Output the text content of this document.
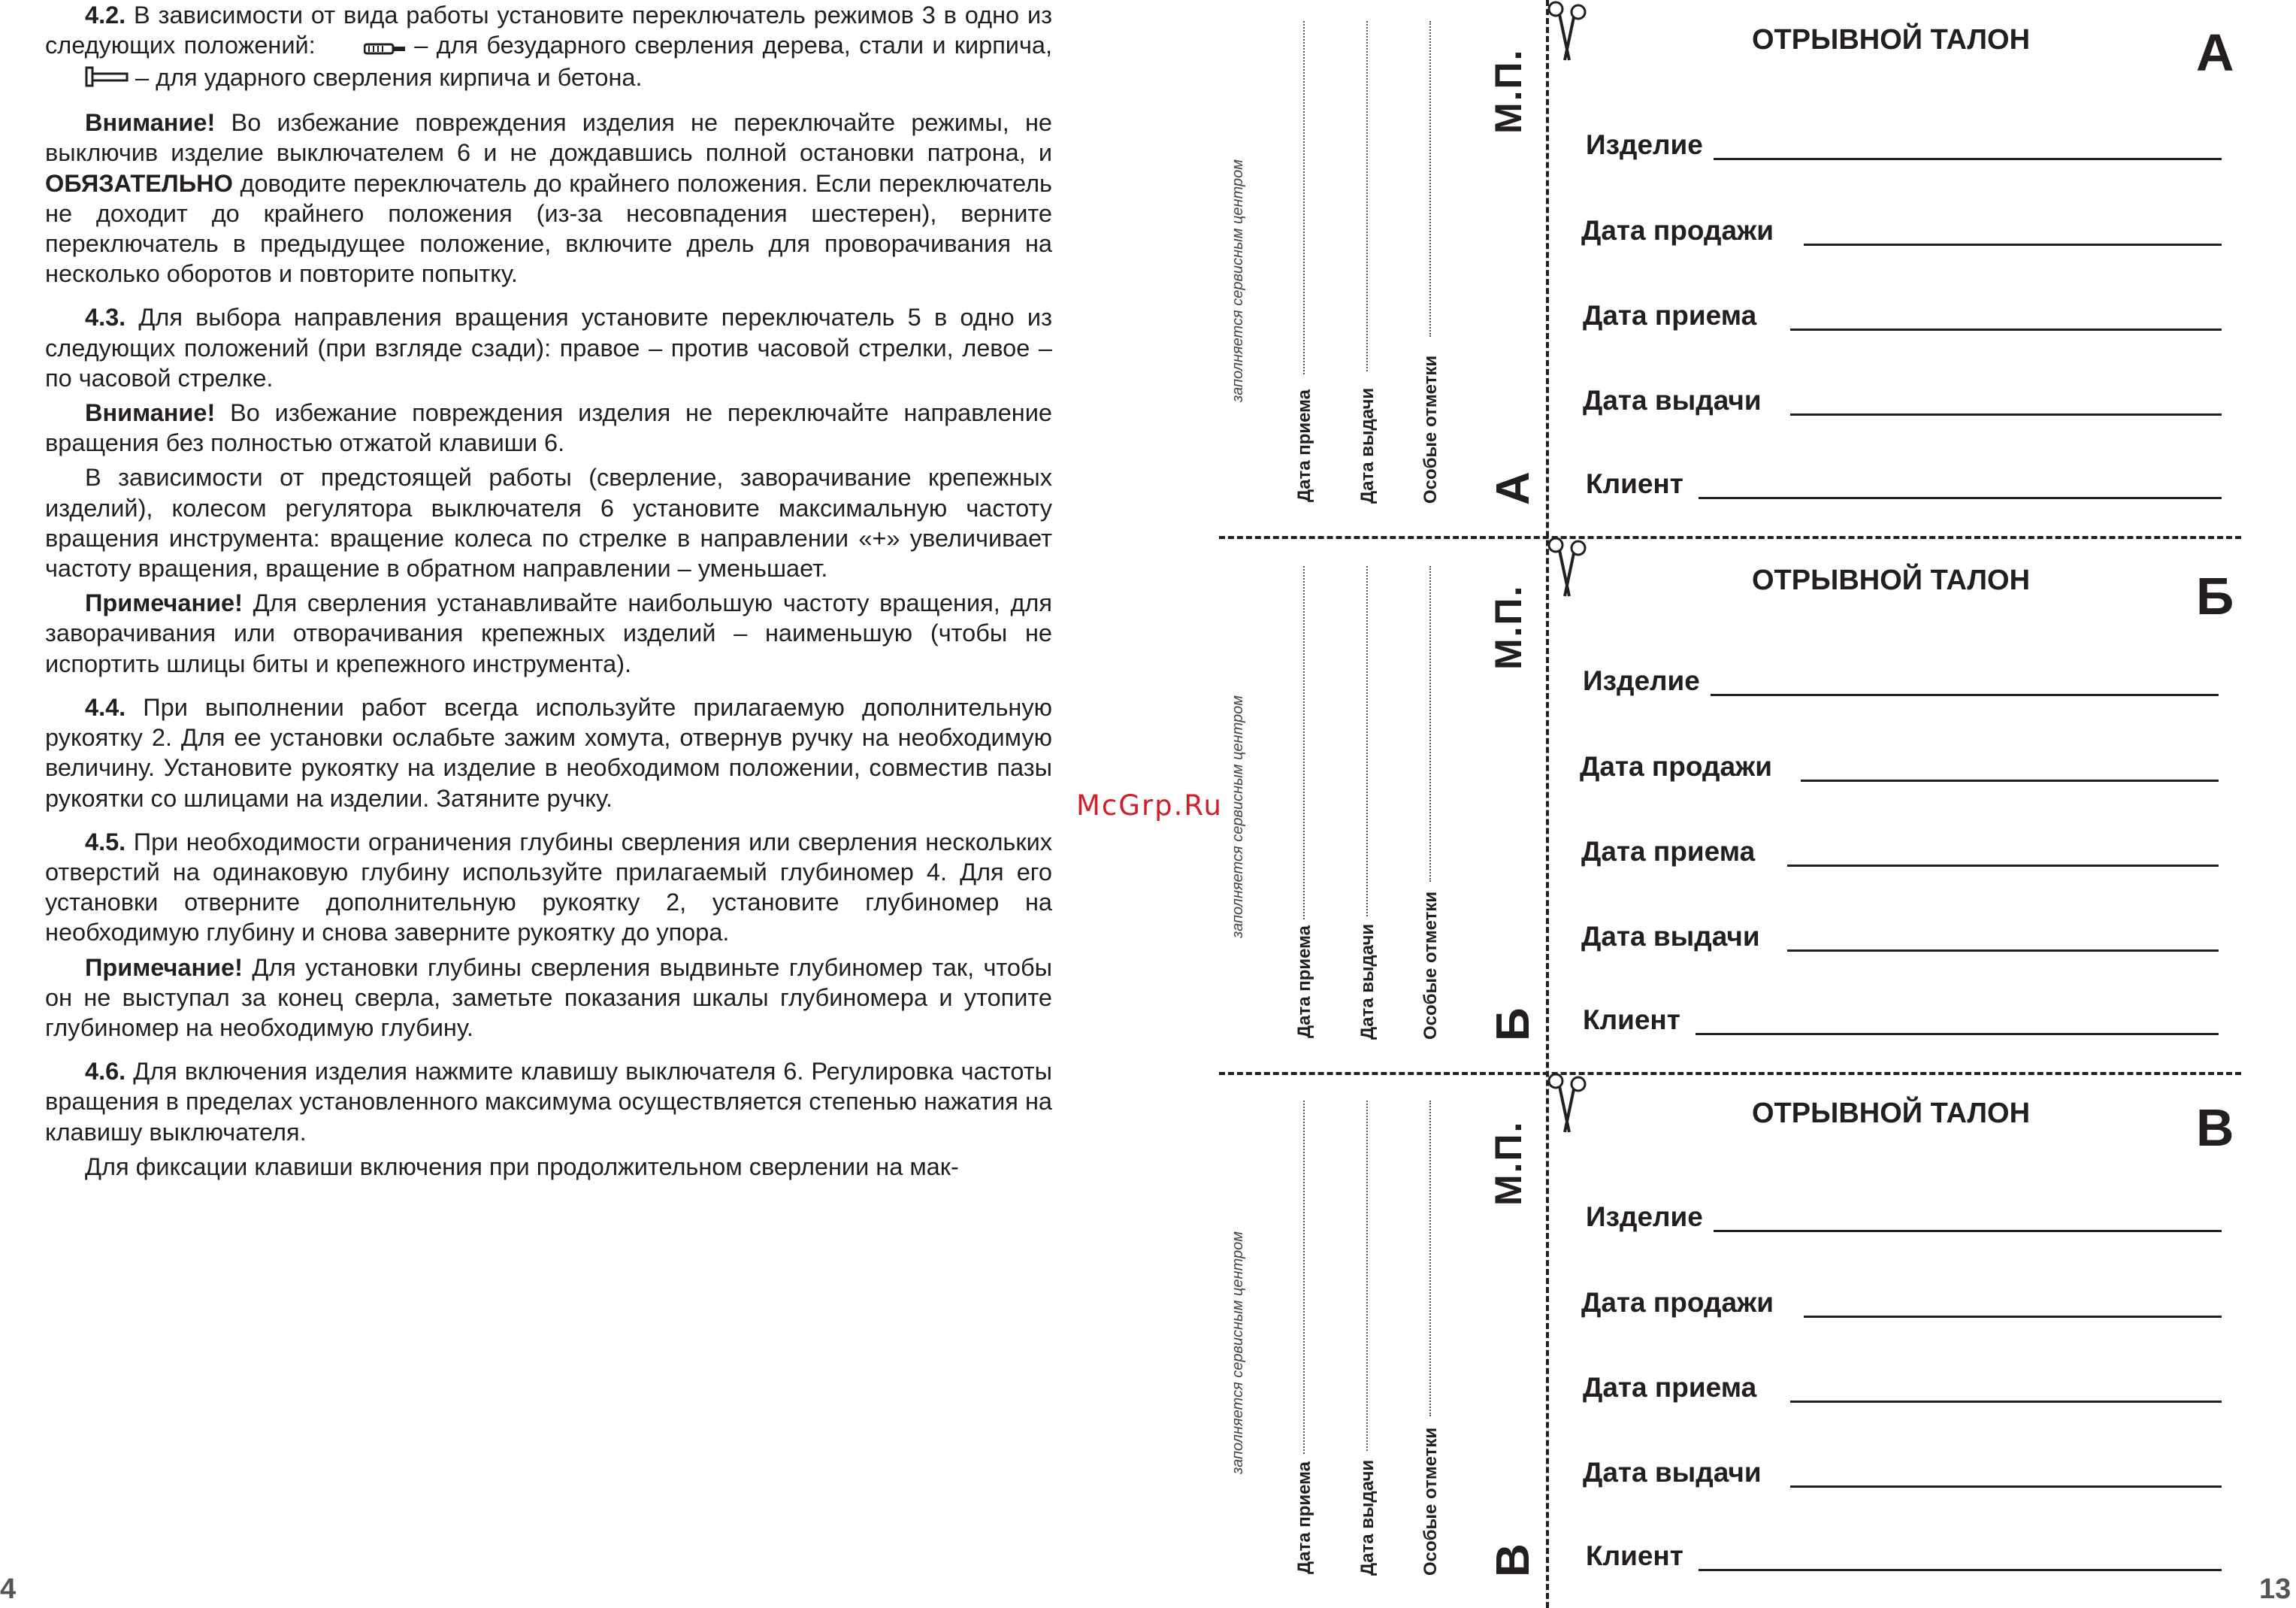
4.2. В зависимости от вида работы установите переключатель режимов 3 в одно из следующих положений:	– для безударного сверления дерева, стали и кирпича,  – для ударного сверления кирпича и бетона.

Внимание! Во избежание повреждения изделия не переключайте режимы, не выключив изделие выключателем 6 и не дождавшись полной остановки патрона, и ОБЯЗАТЕЛЬНО доводите переключатель до крайнего положения. Если переключатель не доходит до крайнего положения (из-за несовпадения шестерен), верните переключатель в предыдущее положение, включите дрель для проворачивания на несколько оборотов и повторите попытку.

4.3. Для выбора направления вращения установите переключатель 5 в одно из следующих положений (при взгляде сзади): правое – против часовой стрелки, левое – по часовой стрелке.

Внимание! Во избежание повреждения изделия не переключайте направление вращения без полностью отжатой клавиши 6.

В зависимости от предстоящей работы (сверление, заворачивание крепежных изделий), колесом регулятора выключателя 6 установите максимальную частоту вращения инструмента: вращение колеса по стрелке в направлении «+» увеличивает частоту вращения, вращение в обратном направлении – уменьшает.

Примечание! Для сверления устанавливайте наибольшую частоту вращения, для заворачивания или отворачивания крепежных изделий – наименьшую (чтобы не испортить шлицы биты и крепежного инструмента).

4.4. При выполнении работ всегда используйте прилагаемую дополнительную рукоятку 2. Для ее установки ослабьте зажим хомута, отвернув ручку на необходимую величину. Установите рукоятку на изделие в необходимом положении, совместив пазы рукоятки со шлицами на изделии. Затяните ручку.

4.5. При необходимости ограничения глубины сверления или сверления нескольких отверстий на одинаковую глубину используйте прилагаемый глубиномер 4. Для его установки отверните дополнительную рукоятку 2, установите глубиномер на необходимую глубину и снова заверните рукоятку до упора.

Примечание! Для установки глубины сверления выдвиньте глубиномер так, чтобы он не выступал за конец сверла, заметьте показания шкалы глубиномера и утопите глубиномер на необходимую глубину.

4.6. Для включения изделия нажмите клавишу выключателя 6. Регулировка частоты вращения в пределах установленного максимума осуществляется степенью нажатия на клавишу выключателя.

Для фиксации клавиши включения при продолжительном сверлении на мак-

McGrp.Ru
4	13
заполняется сервисным центром
Дата приема Дата выдачи Особые отметки
М.П.
А
ОТРЫВНОЙ ТАЛОН	А
Изделие
Дата продажи
Дата приема
Дата выдачи
Клиент
заполняется сервисным центром
Дата приема Дата выдачи Особые отметки
М.П.
Б
ОТРЫВНОЙ ТАЛОН	Б
Изделие
Дата продажи
Дата приема
Дата выдачи
Клиент
заполняется сервисным центром
Дата приема Дата выдачи Особые отметки
М.П.
В
ОТРЫВНОЙ ТАЛОН	В
Изделие
Дата продажи
Дата приема
Дата выдачи
Клиент
